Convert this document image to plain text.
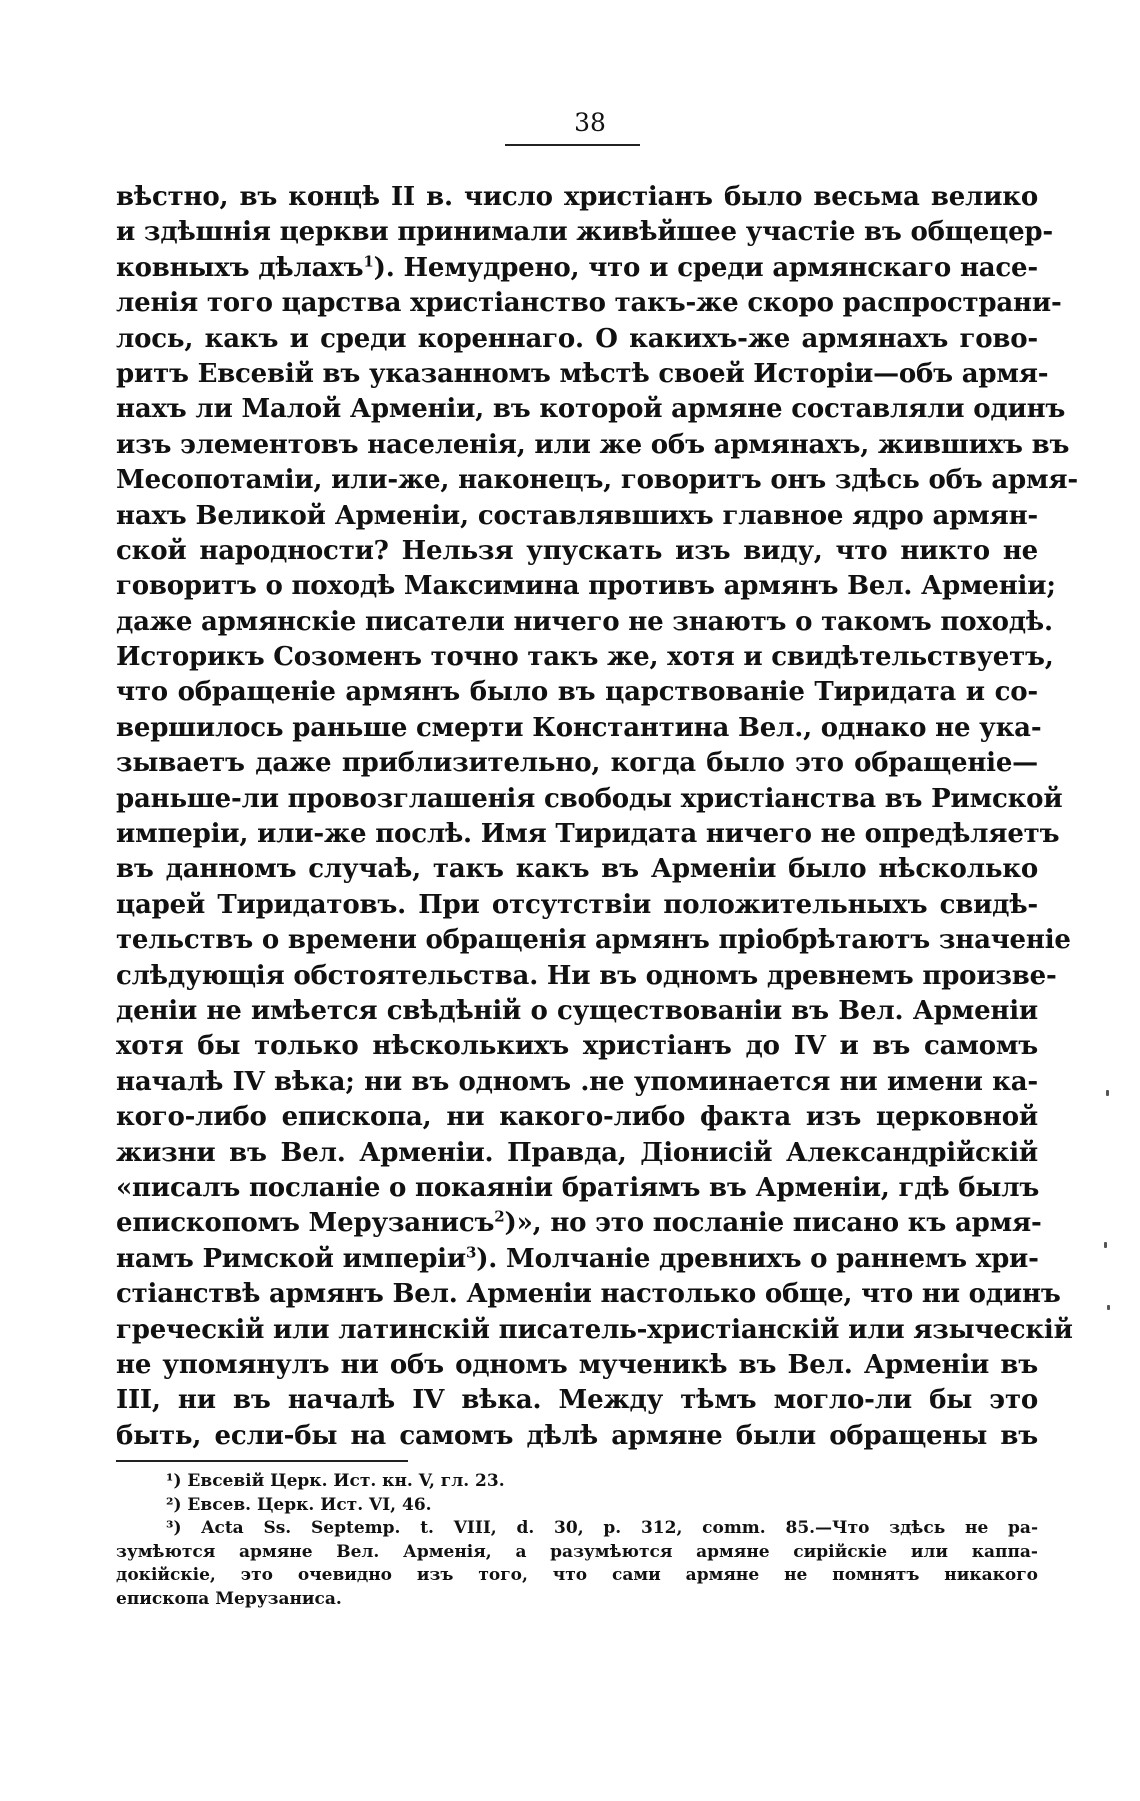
38
вѣстно, въ концѣ II в. число христіанъ было весьма велико
и здѣшнія церкви принимали живѣйшее участіе въ общецер-
ковныхъ дѣлахъ$^1$). Немудрено, что и среди армянскаго насе-
ленія того царства христіанство такъ-же скоро распространи-
лось, какъ и среди кореннаго. О какихъ-же армянахъ гово-
ритъ Евсевій въ указанномъ мѣстѣ своей Исторіи—объ армя-
нахъ ли Малой Арменіи, въ которой армяне составляли одинъ
изъ элементовъ населенія, или же объ армянахъ, жившихъ въ
Месопотаміи, или-же, наконецъ, говоритъ онъ здѣсь объ армя-
нахъ Великой Арменіи, составлявшихъ главное ядро армян-
ской народности? Нельзя упускать изъ виду, что никто не
говоритъ о походѣ Максимина противъ армянъ Вел. Арменіи;
даже армянскіе писатели ничего не знаютъ о такомъ походѣ.
Историкъ Созоменъ точно такъ же, хотя и свидѣтельствуетъ,
что обращеніе армянъ было въ царствованіе Тиридата и со-
вершилось раньше смерти Константина Вел., однако не ука-
зываетъ даже приблизительно, когда было это обращеніе—
раньше-ли провозглашенія свободы христіанства въ Римской
имперіи, или-же послѣ. Имя Тиридата ничего не опредѣляетъ
въ данномъ случаѣ, такъ какъ въ Арменіи было нѣсколько
царей Тиридатовъ. При отсутствіи положительныхъ свидѣ-
тельствъ о времени обращенія армянъ пріобрѣтаютъ значеніе
слѣдующія обстоятельства. Ни въ одномъ древнемъ произве-
деніи не имѣется свѣдѣній о существованіи въ Вел. Арменіи
хотя бы только нѣсколькихъ христіанъ до IV и въ самомъ
началѣ IV вѣка; ни въ одномъ .не упоминается ни имени ка-
кого-либо епископа, ни какого-либо факта изъ церковной
жизни въ Вел. Арменіи. Правда, Діонисій Александрійскій
«писалъ посланіе о покаяніи братіямъ въ Арменіи, гдѣ былъ
епископомъ Мерузанисъ$^2$)», но это посланіе писано къ армя-
намъ Римской имперіи$^3$). Молчаніе древнихъ о раннемъ хри-
стіанствѣ армянъ Вел. Арменіи настолько обще, что ни одинъ
греческій или латинскій писатель-христіанскій или языческій
не упомянулъ ни объ одномъ мученикѣ въ Вел. Арменіи въ
III, ни въ началѣ IV вѣка. Между тѣмъ могло-ли бы это
быть, если-бы на самомъ дѣлѣ армяне были обращены въ
¹) Евсевій Церк. Ист. кн. V, гл. 23.
²) Евсев. Церк. Ист. VI, 46.
³) Acta Ss. Septemp. t. VIII, d. 30, p. 312, comm. 85.—Что здѣсь не ра-
зумѣются армяне Вел. Арменія, а разумѣются армяне сирійскіе или каппа-
докійскіе, это очевидно изъ того, что сами армяне не помнятъ никакого
епископа Мерузаниса.
